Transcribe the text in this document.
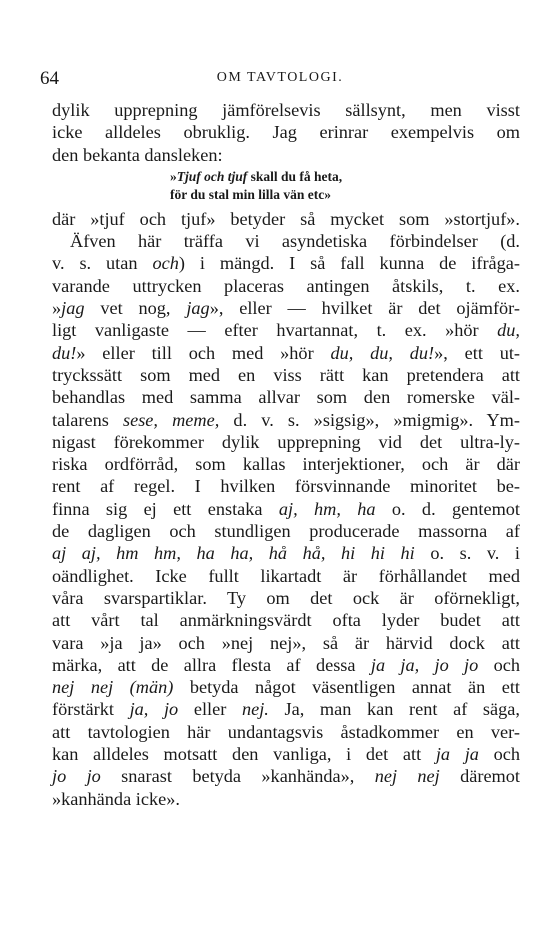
64	OM TAVTOLOGI.
dylik upprepning jämförelsevis sällsynt, men visst
icke alldeles obruklig. Jag erinrar exempelvis om
den bekanta dansleken:
»Tjuf och tjuf skall du få heta,
för du stal min lilla vän etc»
där »tjuf och tjuf» betyder så mycket som »stortjuf».
Äfven här träffa vi asyndetiska förbindelser (d.
v. s. utan och) i mängd. I så fall kunna de ifrågа-
varande uttrycken placeras antingen åtskils, t. ex.
»jag vet nog, jag», eller — hvilket är det ojämför-
ligt vanligaste — efter hvartannat, t. ex. »hör du,
du!» eller till och med »hör du, du, du!», ett ut-
tryckssätt som med en viss rätt kan pretendera att
behandlas med samma allvar som den romerske väl-
talarens sese, meme, d. v. s. »sigsig», »migmig». Ym-
nigast förekommer dylik upprepning vid det ultra-ly-
riska ordförråd, som kallas interjektioner, och är där
rent af regel. I hvilken försvinnande minoritet be-
finna sig ej ett enstaka aj, hm, ha o. d. gentemot
de dagligen och stundligen producerade massorna af
aj aj, hm hm, ha ha, hå hå, hi hi hi o. s. v. i
oändlighet. Icke fullt likartadt är förhållandet med
våra svarspartiklar. Ty om det ock är oförnekligt,
att vårt tal anmärkningsvärdt ofta lyder budet att
vara »ja ja» och »nej nej», så är härvid dock att
märka, att de allra flesta af dessa ja ja, jo jo och
nej nej (män) betyda något väsentligen annat än ett
förstärkt ja, jo eller nej. Ja, man kan rent af säga,
att tavtologien här undantagsvis åstadkommer en ver-
kan alldeles motsatt den vanliga, i det att ja ja och
jo jo snarast betyda »kanhända», nej nej däremot
»kanhända icke».
